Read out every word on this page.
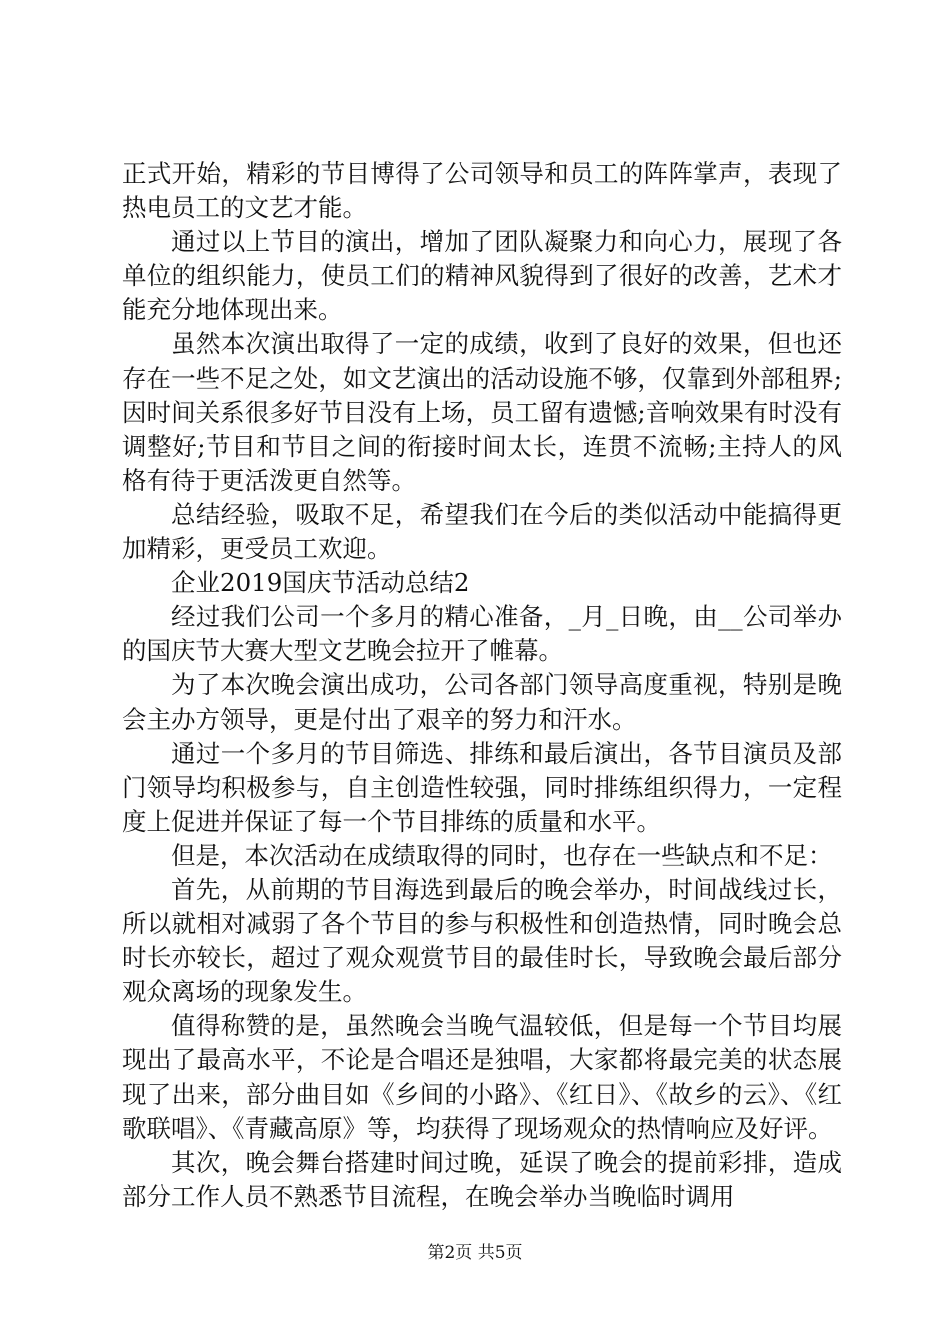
正式开始，精彩的节目博得了公司领导和员工的阵阵掌声，表现了热电员工的文艺才能。

通过以上节目的演出，增加了团队凝聚力和向心力，展现了各单位的组织能力，使员工们的精神风貌得到了很好的改善，艺术才能充分地体现出来。

虽然本次演出取得了一定的成绩，收到了良好的效果，但也还存在一些不足之处，如文艺演出的活动设施不够，仅靠到外部租界;因时间关系很多好节目没有上场，员工留有遗憾;音响效果有时没有调整好;节目和节目之间的衔接时间太长，连贯不流畅;主持人的风格有待于更活泼更自然等。

总结经验，吸取不足，希望我们在今后的类似活动中能搞得更加精彩，更受员工欢迎。

企业2019国庆节活动总结2

经过我们公司一个多月的精心准备，_月_日晚，由__公司举办的国庆节大赛大型文艺晚会拉开了帷幕。

为了本次晚会演出成功，公司各部门领导高度重视，特别是晚会主办方领导，更是付出了艰辛的努力和汗水。

通过一个多月的节目筛选、排练和最后演出，各节目演员及部门领导均积极参与，自主创造性较强，同时排练组织得力，一定程度上促进并保证了每一个节目排练的质量和水平。

但是，本次活动在成绩取得的同时，也存在一些缺点和不足：

首先，从前期的节目海选到最后的晚会举办，时间战线过长，所以就相对减弱了各个节目的参与积极性和创造热情，同时晚会总时长亦较长，超过了观众观赏节目的最佳时长，导致晚会最后部分观众离场的现象发生。

值得称赞的是，虽然晚会当晚气温较低，但是每一个节目均展现出了最高水平，不论是合唱还是独唱，大家都将最完美的状态展现了出来，部分曲目如《乡间的小路》、《红日》、《故乡的云》、《红歌联唱》、《青藏高原》等，均获得了现场观众的热情响应及好评。

其次，晚会舞台搭建时间过晚，延误了晚会的提前彩排，造成部分工作人员不熟悉节目流程，在晚会举办当晚临时调用

第2页 共5页
